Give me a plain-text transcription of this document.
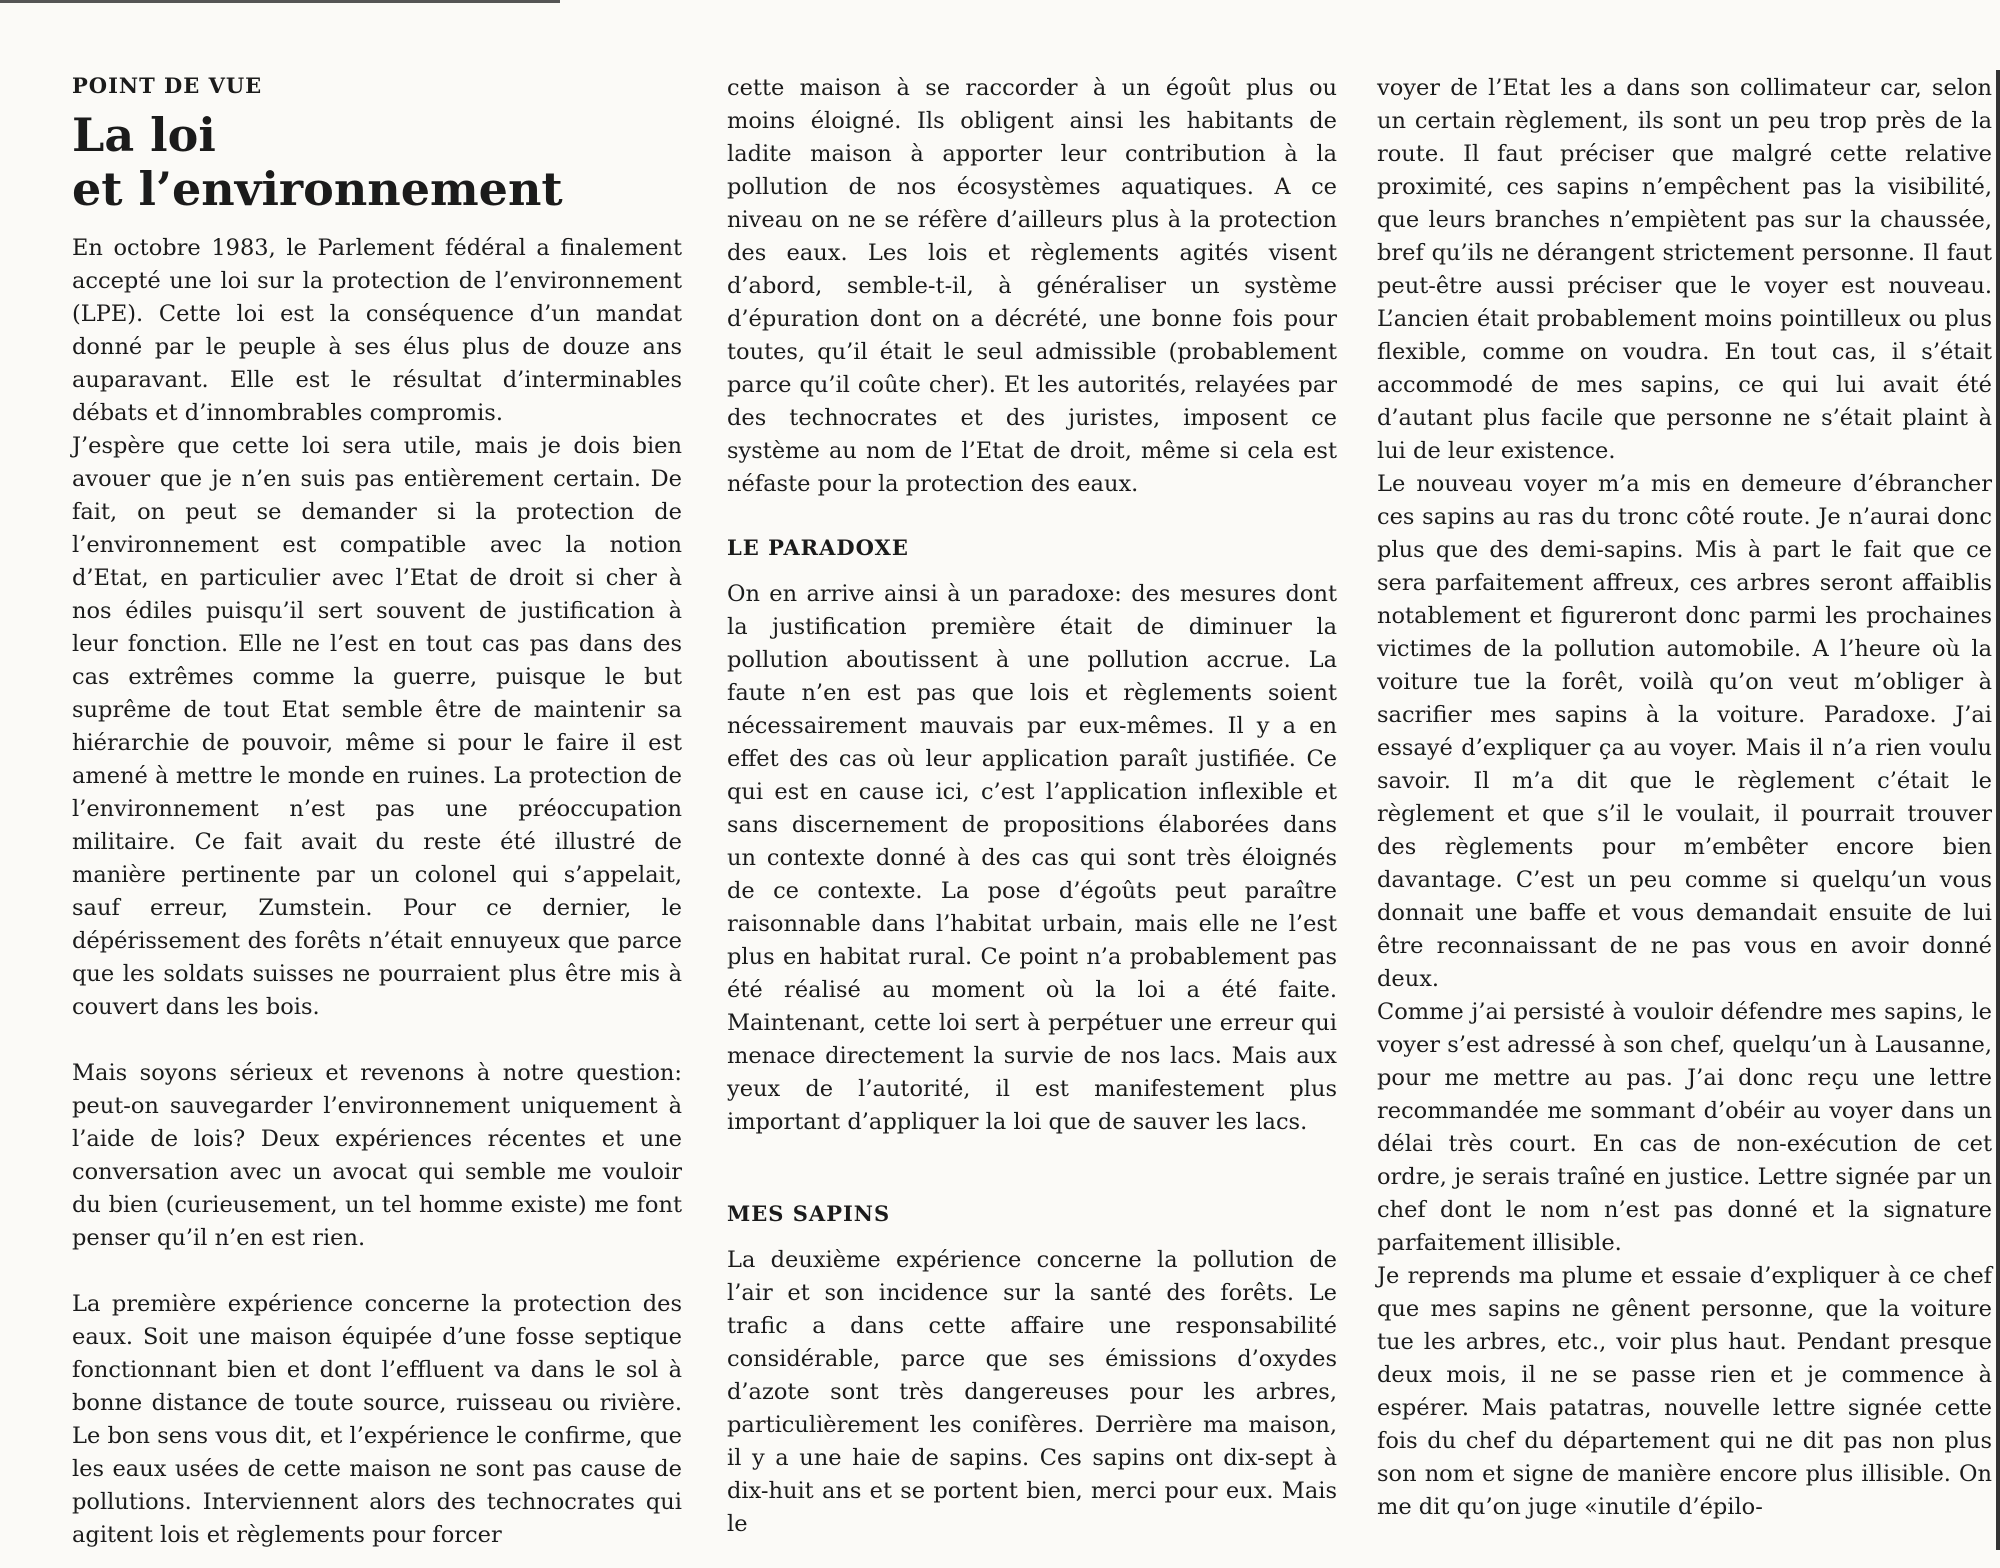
POINT DE VUE
La loi
et l’environnement

En octobre 1983, le Parlement fédéral a finalement accepté une loi sur la protection de l’environnement (LPE). Cette loi est la conséquence d’un mandat donné par le peuple à ses élus plus de douze ans auparavant. Elle est le résultat d’interminables débats et d’innombrables compromis.

J’espère que cette loi sera utile, mais je dois bien avouer que je n’en suis pas entièrement certain. De fait, on peut se demander si la protection de l’environnement est compatible avec la notion d’Etat, en particulier avec l’Etat de droit si cher à nos édiles puisqu’il sert souvent de justification à leur fonction. Elle ne l’est en tout cas pas dans des cas extrêmes comme la guerre, puisque le but suprême de tout Etat semble être de maintenir sa hiérarchie de pouvoir, même si pour le faire il est amené à mettre le monde en ruines. La protection de l’environnement n’est pas une préoccupation militaire. Ce fait avait du reste été illustré de manière pertinente par un colonel qui s’appelait, sauf erreur, Zumstein. Pour ce dernier, le dépérissement des forêts n’était ennuyeux que parce que les soldats suisses ne pourraient plus être mis à couvert dans les bois.

Mais soyons sérieux et revenons à notre question: peut-on sauvegarder l’environnement uniquement à l’aide de lois? Deux expériences récentes et une conversation avec un avocat qui semble me vouloir du bien (curieusement, un tel homme existe) me font penser qu’il n’en est rien.

La première expérience concerne la protection des eaux. Soit une maison équipée d’une fosse septique fonctionnant bien et dont l’effluent va dans le sol à bonne distance de toute source, ruisseau ou rivière. Le bon sens vous dit, et l’expérience le confirme, que les eaux usées de cette maison ne sont pas cause de pollutions. Interviennent alors des technocrates qui agitent lois et règlements pour forcer

cette maison à se raccorder à un égoût plus ou moins éloigné. Ils obligent ainsi les habitants de ladite maison à apporter leur contribution à la pollution de nos écosystèmes aquatiques. A ce niveau on ne se réfère d’ailleurs plus à la protection des eaux. Les lois et règlements agités visent d’abord, semble-t-il, à généraliser un système d’épuration dont on a décrété, une bonne fois pour toutes, qu’il était le seul admissible (probablement parce qu’il coûte cher). Et les autorités, relayées par des technocrates et des juristes, imposent ce système au nom de l’Etat de droit, même si cela est néfaste pour la protection des eaux.

LE PARADOXE

On en arrive ainsi à un paradoxe: des mesures dont la justification première était de diminuer la pollution aboutissent à une pollution accrue. La faute n’en est pas que lois et règlements soient nécessairement mauvais par eux-mêmes. Il y a en effet des cas où leur application paraît justifiée. Ce qui est en cause ici, c’est l’application inflexible et sans discernement de propositions élaborées dans un contexte donné à des cas qui sont très éloignés de ce contexte. La pose d’égoûts peut paraître raisonnable dans l’habitat urbain, mais elle ne l’est plus en habitat rural. Ce point n’a probablement pas été réalisé au moment où la loi a été faite. Maintenant, cette loi sert à perpétuer une erreur qui menace directement la survie de nos lacs. Mais aux yeux de l’autorité, il est manifestement plus important d’appliquer la loi que de sauver les lacs.

MES SAPINS

La deuxième expérience concerne la pollution de l’air et son incidence sur la santé des forêts. Le trafic a dans cette affaire une responsabilité considérable, parce que ses émissions d’oxydes d’azote sont très dangereuses pour les arbres, particulièrement les conifères. Derrière ma maison, il y a une haie de sapins. Ces sapins ont dix-sept à dix-huit ans et se portent bien, merci pour eux. Mais le

voyer de l’Etat les a dans son collimateur car, selon un certain règlement, ils sont un peu trop près de la route. Il faut préciser que malgré cette relative proximité, ces sapins n’empêchent pas la visibilité, que leurs branches n’empiètent pas sur la chaussée, bref qu’ils ne dérangent strictement personne. Il faut peut-être aussi préciser que le voyer est nouveau. L’ancien était probablement moins pointilleux ou plus flexible, comme on voudra. En tout cas, il s’était accommodé de mes sapins, ce qui lui avait été d’autant plus facile que personne ne s’était plaint à lui de leur existence.

Le nouveau voyer m’a mis en demeure d’ébrancher ces sapins au ras du tronc côté route. Je n’aurai donc plus que des demi-sapins. Mis à part le fait que ce sera parfaitement affreux, ces arbres seront affaiblis notablement et figureront donc parmi les prochaines victimes de la pollution automobile. A l’heure où la voiture tue la forêt, voilà qu’on veut m’obliger à sacrifier mes sapins à la voiture. Paradoxe. J’ai essayé d’expliquer ça au voyer. Mais il n’a rien voulu savoir. Il m’a dit que le règlement c’était le règlement et que s’il le voulait, il pourrait trouver des règlements pour m’embêter encore bien davantage. C’est un peu comme si quelqu’un vous donnait une baffe et vous demandait ensuite de lui être reconnaissant de ne pas vous en avoir donné deux.

Comme j’ai persisté à vouloir défendre mes sapins, le voyer s’est adressé à son chef, quelqu’un à Lausanne, pour me mettre au pas. J’ai donc reçu une lettre recommandée me sommant d’obéir au voyer dans un délai très court. En cas de non-exécution de cet ordre, je serais traîné en justice. Lettre signée par un chef dont le nom n’est pas donné et la signature parfaitement illisible.

Je reprends ma plume et essaie d’expliquer à ce chef que mes sapins ne gênent personne, que la voiture tue les arbres, etc., voir plus haut. Pendant presque deux mois, il ne se passe rien et je commence à espérer. Mais patatras, nouvelle lettre signée cette fois du chef du département qui ne dit pas non plus son nom et signe de manière encore plus illisible. On me dit qu’on juge «inutile d’épilo-
